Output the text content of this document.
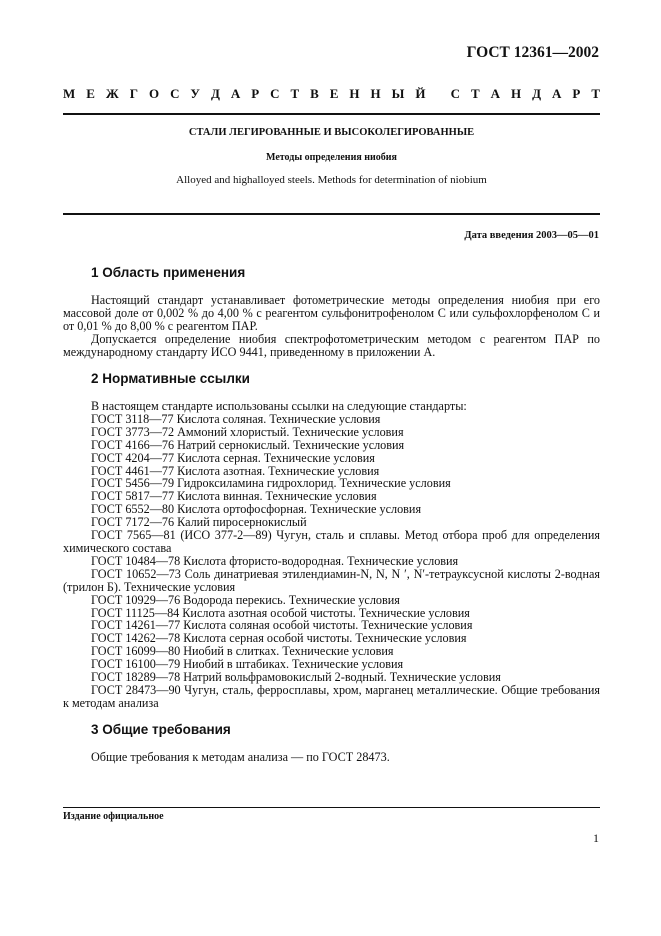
ГОСТ 12361—2002
М Е Ж Г О С У Д А Р С Т В Е Н Н Ы Й
С Т А Н Д А Р Т
СТАЛИ ЛЕГИРОВАННЫЕ И ВЫСОКОЛЕГИРОВАННЫЕ
Методы определения ниобия
Alloyed and highalloyed steels. Methods for determination of niobium
Дата введения 2003—05—01
1 Область применения

Настоящий стандарт устанавливает фотометрические методы определения ниобия при его массовой доле от 0,002 % до 4,00 % с реагентом сульфонитрофенолом С или сульфохлорфенолом С и от 0,01 % до 8,00 % с реагентом ПАР.

Допускается определение ниобия спектрофотометрическим методом с реагентом ПАР по международному стандарту ИСО 9441, приведенному в приложении А.

2 Нормативные ссылки

В настоящем стандарте использованы ссылки на следующие стандарты:

ГОСТ 3118—77 Кислота соляная. Технические условия

ГОСТ 3773—72 Аммоний хлористый. Технические условия

ГОСТ 4166—76 Натрий сернокислый. Технические условия

ГОСТ 4204—77 Кислота серная. Технические условия

ГОСТ 4461—77 Кислота азотная. Технические условия

ГОСТ 5456—79 Гидроксиламина гидрохлорид. Технические условия

ГОСТ 5817—77 Кислота винная. Технические условия

ГОСТ 6552—80 Кислота ортофосфорная. Технические условия

ГОСТ 7172—76 Калий пиросернокислый

ГОСТ 7565—81 (ИСО 377-2—89) Чугун, сталь и сплавы. Метод отбора проб для определения химического состава

ГОСТ 10484—78 Кислота фтористо-водородная. Технические условия

ГОСТ 10652—73 Соль динатриевая этилендиамин-N, N, N ′, N′-тетрауксусной кислоты 2-водная (трилон Б). Технические условия

ГОСТ 10929—76 Водорода перекись. Технические условия

ГОСТ 11125—84 Кислота азотная особой чистоты. Технические условия

ГОСТ 14261—77 Кислота соляная особой чистоты. Технические условия

ГОСТ 14262—78 Кислота серная особой чистоты. Технические условия

ГОСТ 16099—80 Ниобий в слитках. Технические условия

ГОСТ 16100—79 Ниобий в штабиках. Технические условия

ГОСТ 18289—78 Натрий вольфрамовокислый 2-водный. Технические условия

ГОСТ 28473—90 Чугун, сталь, ферросплавы, хром, марганец металлические. Общие требования к методам анализа

3 Общие требования

Общие требования к методам анализа — по ГОСТ 28473.

Издание официальное
1
